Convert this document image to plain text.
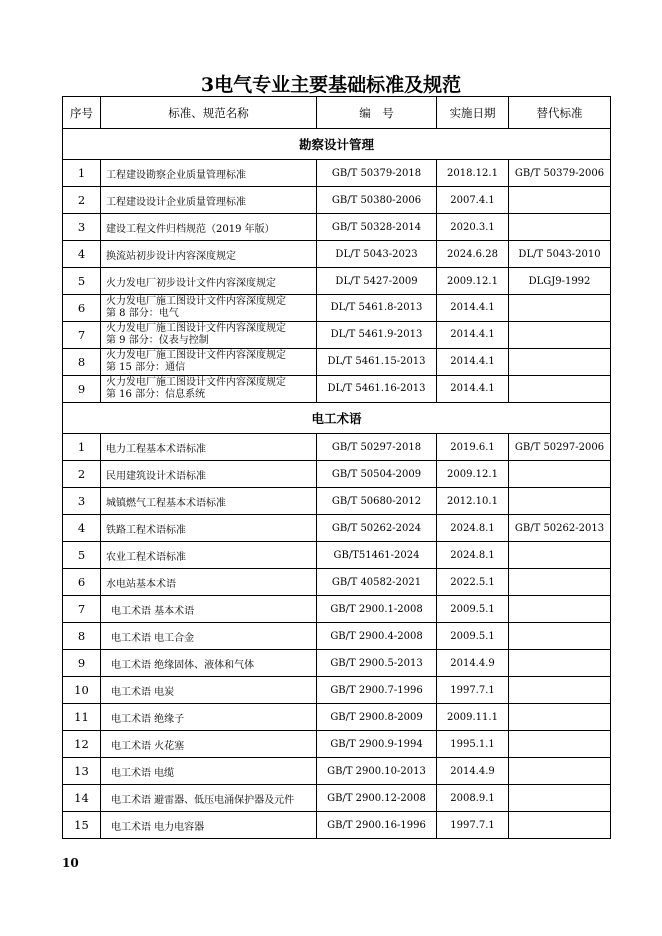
3电气专业主要基础标准及规范
序号	标准、规范名称	编　号	实施日期	替代标准
勘察设计管理				
1	工程建设勘察企业质量管理标准	GB/T 50379-2018	2018.12.1	GB/T 50379-2006
2	工程建设设计企业质量管理标准	GB/T 50380-2006	2007.4.1	
3	建设工程文件归档规范（2019 年版）	GB/T 50328-2014	2020.3.1	
4	换流站初步设计内容深度规定	DL/T 5043-2023	2024.6.28	DL/T 5043-2010
5	火力发电厂初步设计文件内容深度规定	DL/T 5427-2009	2009.12.1	DLGJ9-1992
6	火力发电厂施工图设计文件内容深度规定
第 8 部分：电气	DL/T 5461.8-2013	2014.4.1	
7	火力发电厂施工图设计文件内容深度规定
第 9 部分：仪表与控制	DL/T 5461.9-2013	2014.4.1	
8	火力发电厂施工图设计文件内容深度规定
第 15 部分：通信	DL/T 5461.15-2013	2014.4.1	
9	火力发电厂施工图设计文件内容深度规定
第 16 部分：信息系统	DL/T 5461.16-2013	2014.4.1	
电工术语				
1	电力工程基本术语标准	GB/T 50297-2018	2019.6.1	GB/T 50297-2006
2	民用建筑设计术语标准	GB/T 50504-2009	2009.12.1	
3	城镇燃气工程基本术语标准	GB/T 50680-2012	2012.10.1	
4	铁路工程术语标准	GB/T 50262-2024	2024.8.1	GB/T 50262-2013
5	农业工程术语标准	GB/T51461-2024	2024.8.1	
6	水电站基本术语	GB/T 40582-2021	2022.5.1	
7	电工术语 基本术语	GB/T 2900.1-2008	2009.5.1	
8	电工术语 电工合金	GB/T 2900.4-2008	2009.5.1	
9	电工术语 绝缘固体、液体和气体	GB/T 2900.5-2013	2014.4.9	
10	电工术语 电炭	GB/T 2900.7-1996	1997.7.1	
11	电工术语 绝缘子	GB/T 2900.8-2009	2009.11.1	
12	电工术语 火花塞	GB/T 2900.9-1994	1995.1.1	
13	电工术语 电缆	GB/T 2900.10-2013	2014.4.9	
14	电工术语 避雷器、低压电涌保护器及元件	GB/T 2900.12-2008	2008.9.1	
15	电工术语 电力电容器	GB/T 2900.16-1996	1997.7.1	
10
